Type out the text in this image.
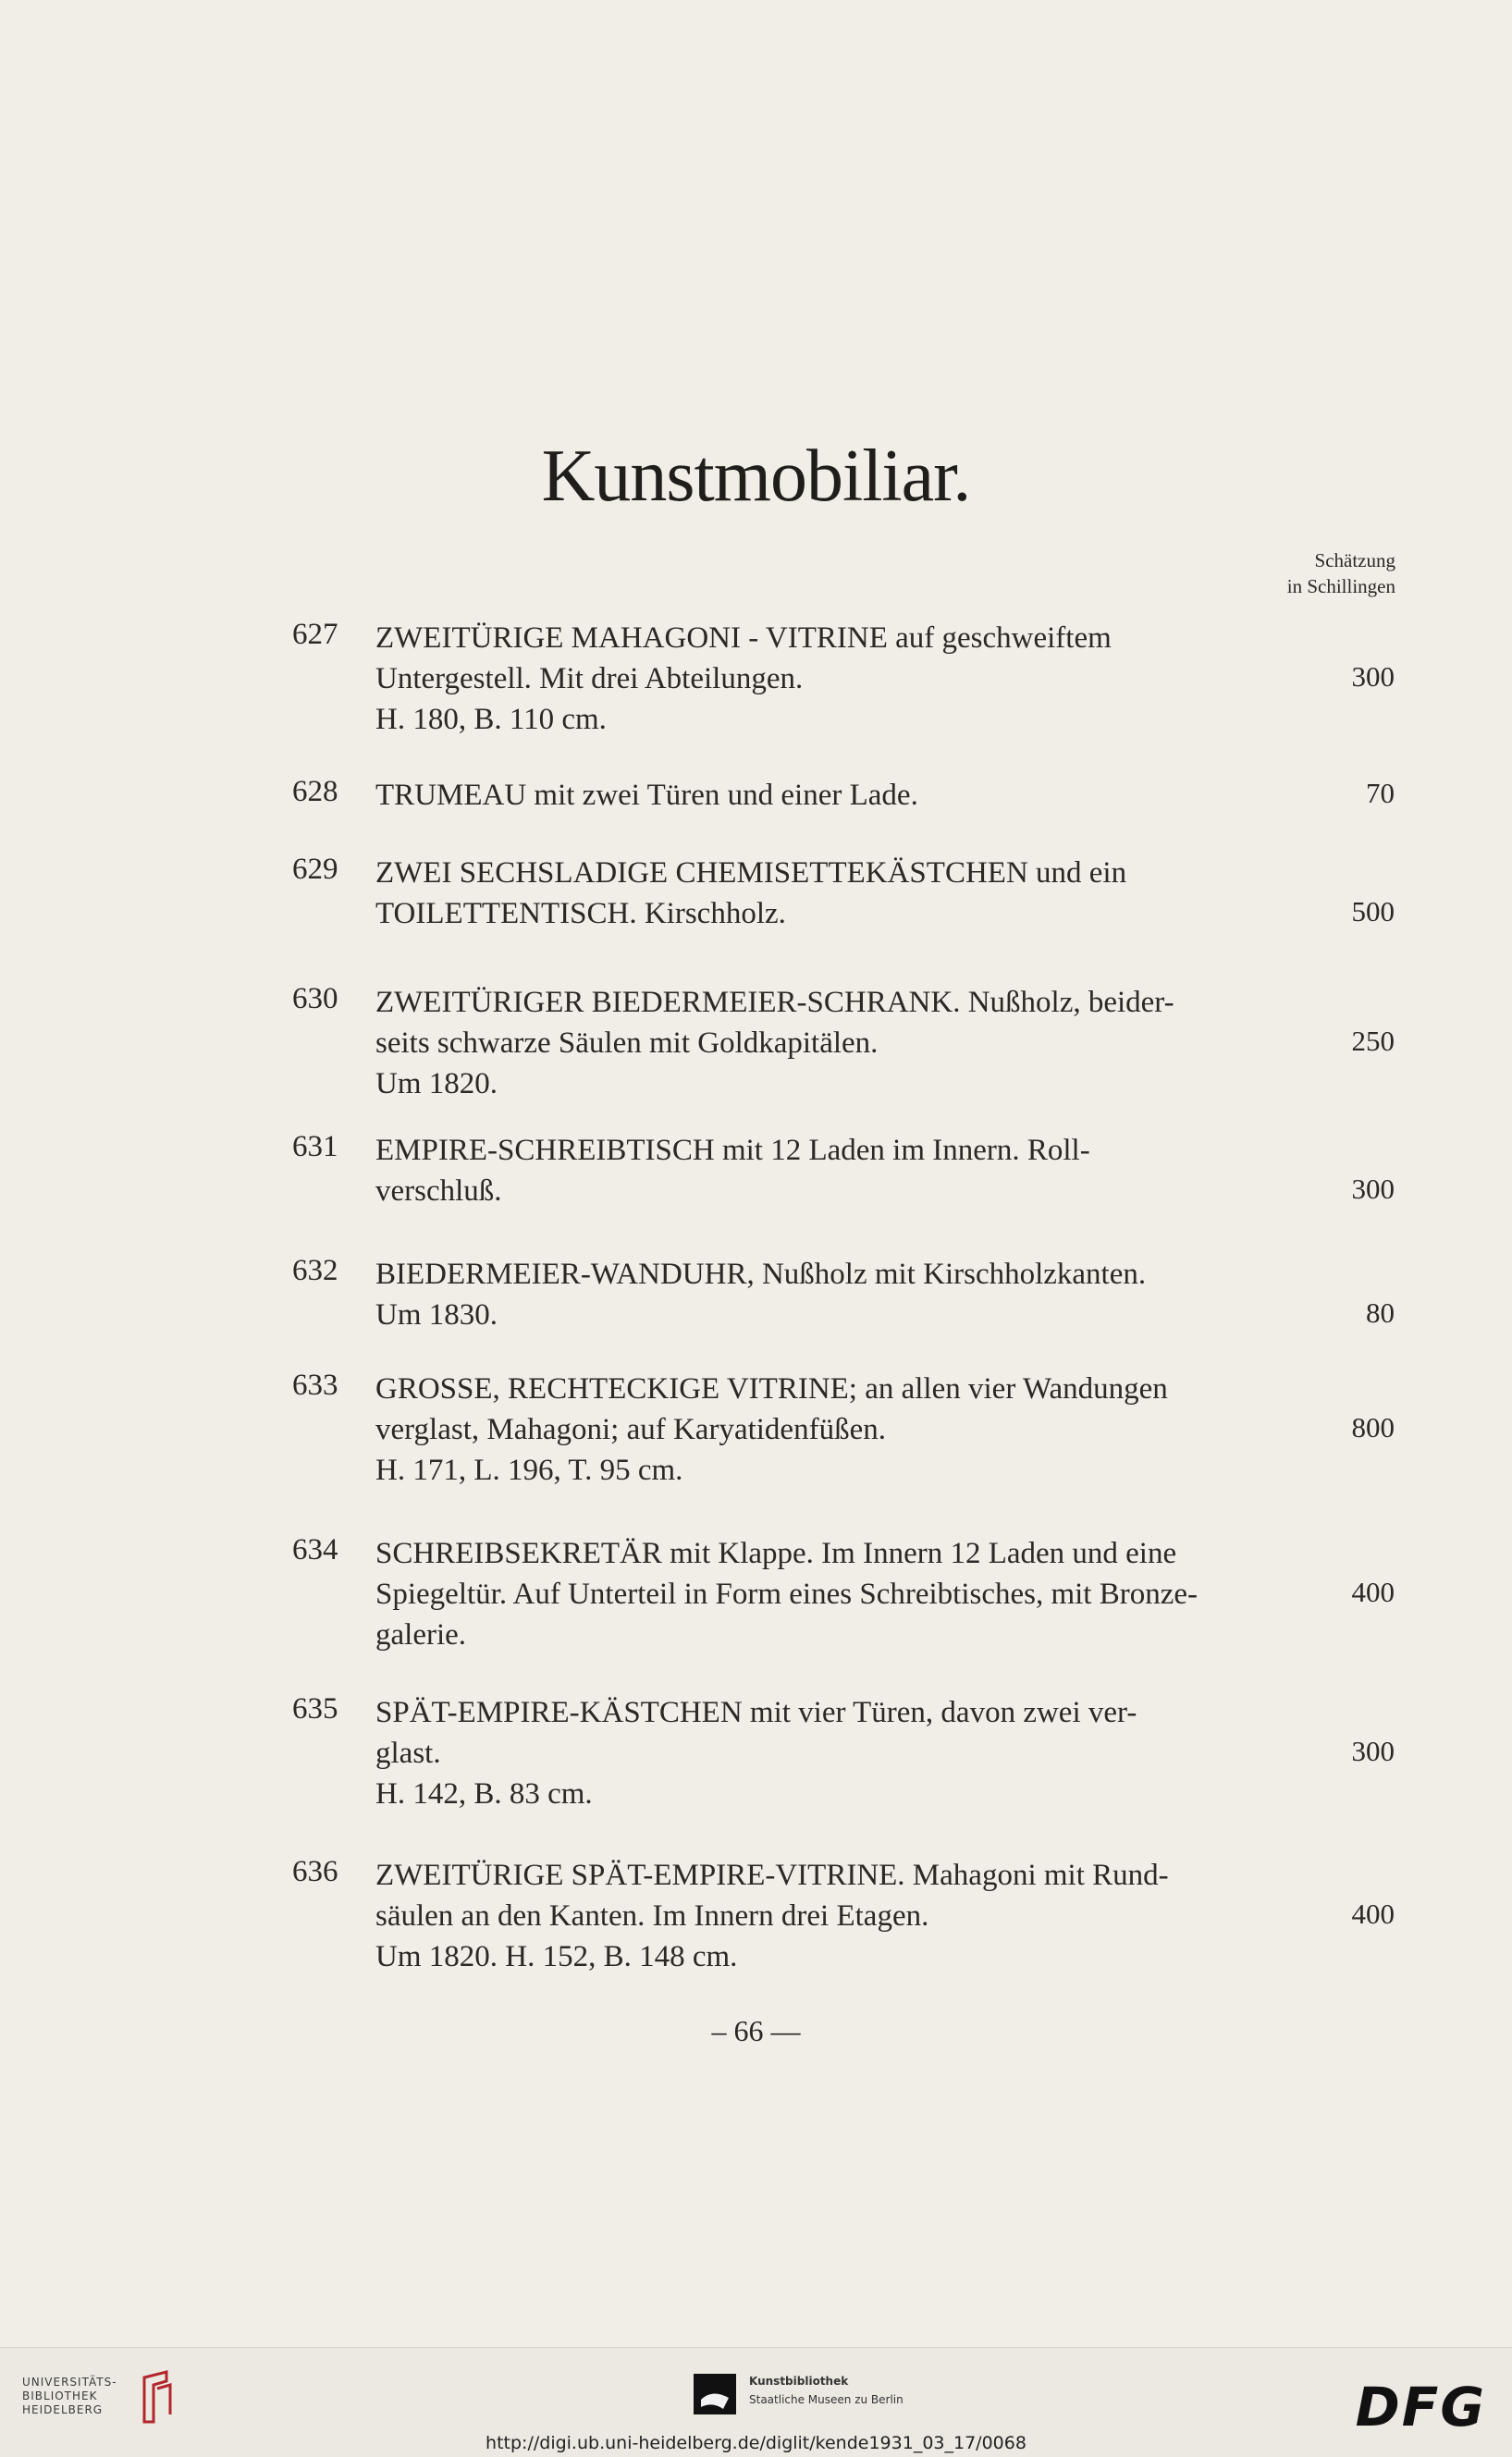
Kunstmobiliar.
Schätzung
in Schillingen
627 ZWEITÜRIGE MAHAGONI - VITRINE auf geschweiftem
Untergestell. Mit drei Abteilungen.
H. 180, B. 110 cm.
300
628 TRUMEAU mit zwei Türen und einer Lade.	70
629 ZWEI SECHSLADIGE CHEMISETTEKÄSTCHEN und ein
TOILETTENTISCH. Kirschholz.	500
630 ZWEITÜRIGER BIEDERMEIER-SCHRANK. Nußholz, beider-
seits schwarze Säulen mit Goldkapitälen.
Um 1820.
250
631 EMPIRE-SCHREIBTISCH mit 12 Laden im Innern. Roll-
verschluß.	300
632 BIEDERMEIER-WANDUHR, Nußholz mit Kirschholzkanten.
Um 1830.	80
633 GROSSE, RECHTECKIGE VITRINE; an allen vier Wandungen
verglast, Mahagoni; auf Karyatidenfüßen.
H. 171, L. 196, T. 95 cm.
800
634 SCHREIBSEKRETÄR mit Klappe. Im Innern 12 Laden und eine
Spiegeltür. Auf Unterteil in Form eines Schreibtisches, mit Bronze-
galerie.
400
635 SPÄT-EMPIRE-KÄSTCHEN mit vier Türen, davon zwei ver-
glast.
H. 142, B. 83 cm.
300
636 ZWEITÜRIGE SPÄT-EMPIRE-VITRINE. Mahagoni mit Rund-
säulen an den Kanten. Im Innern drei Etagen.
Um 1820. H. 152, B. 148 cm.
400
– 66 —
UNIVERSITÄTS-
BIBLIOTHEK
HEIDELBERG
Kunstbibliothek
Staatliche Museen zu Berlin	DFG
http://digi.ub.uni-heidelberg.de/diglit/kende1931_03_17/0068
